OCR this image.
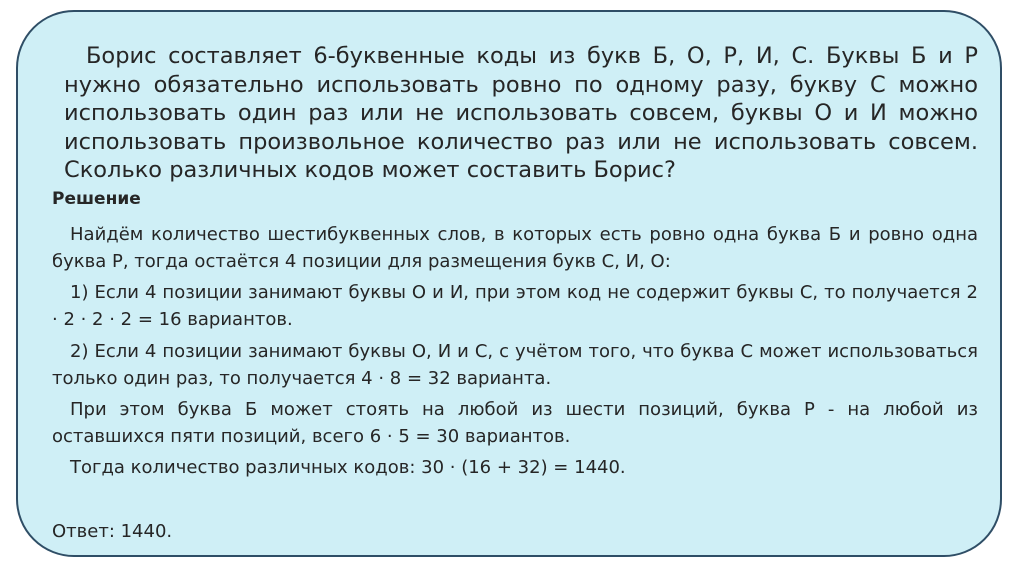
Борис составляет 6-буквенные коды из букв Б, О, Р, И, С. Буквы Б и Р нужно обязательно использовать ровно по одному разу, букву С можно использовать один раз или не использовать совсем, буквы О и И можно использовать произвольное количество раз или не использовать совсем. Сколько различных кодов может составить Борис?

Решение

Найдём количество шестибуквенных слов, в которых есть ровно одна буква Б и ровно одна буква Р, тогда остаётся 4 позиции для размещения букв С, И, О:

1) Если 4 позиции занимают буквы О и И, при этом код не содержит буквы С, то получается 2 · 2 · 2 · 2 = 16 вариантов.

2) Если 4 позиции занимают буквы О, И и С, с учётом того, что буква С может использоваться только один раз, то получается 4 · 8 = 32 варианта.

При этом буква Б может стоять на любой из шести позиций, буква Р - на любой из оставшихся пяти позиций, всего 6 · 5 = 30 вариантов.

Тогда количество различных кодов: 30 · (16 + 32) = 1440.

Ответ: 1440.
